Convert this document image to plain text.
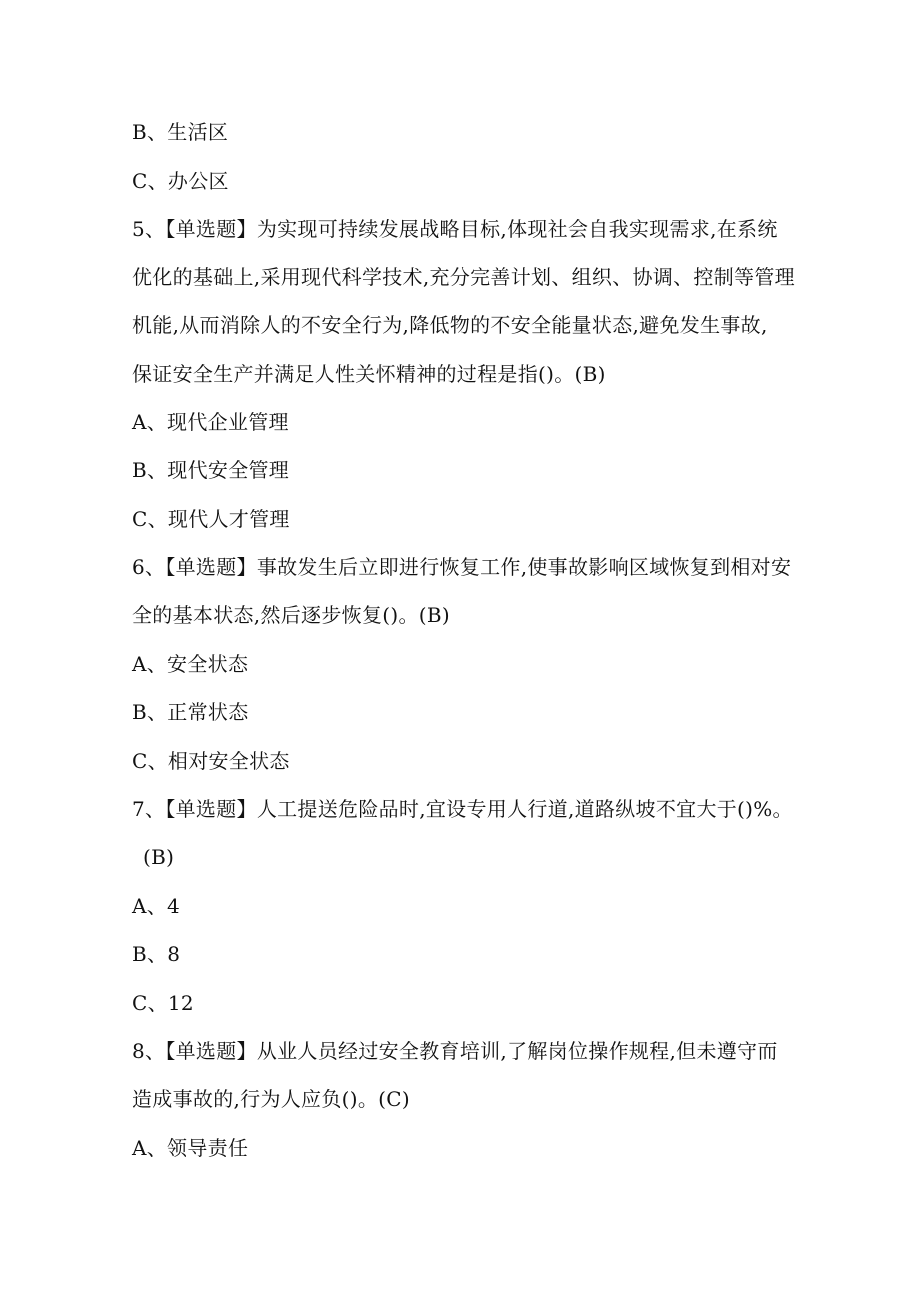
B、生活区
C、办公区
5、【单选题】为实现可持续发展战略目标,体现社会自我实现需求,在系统
优化的基础上,采用现代科学技术,充分完善计划、组织、协调、控制等管理
机能,从而消除人的不安全行为,降低物的不安全能量状态,避免发生事故,
保证安全生产并满足人性关怀精神的过程是指()。(B)
A、现代企业管理
B、现代安全管理
C、现代人才管理
6、【单选题】事故发生后立即进行恢复工作,使事故影响区域恢复到相对安
全的基本状态,然后逐步恢复()。(B)
A、安全状态
B、正常状态
C、相对安全状态
7、【单选题】人工提送危险品时,宜设专用人行道,道路纵坡不宜大于()%。
(B)
A、4
B、8
C、12
8、【单选题】从业人员经过安全教育培训,了解岗位操作规程,但未遵守而
造成事故的,行为人应负()。(C)
A、领导责任
